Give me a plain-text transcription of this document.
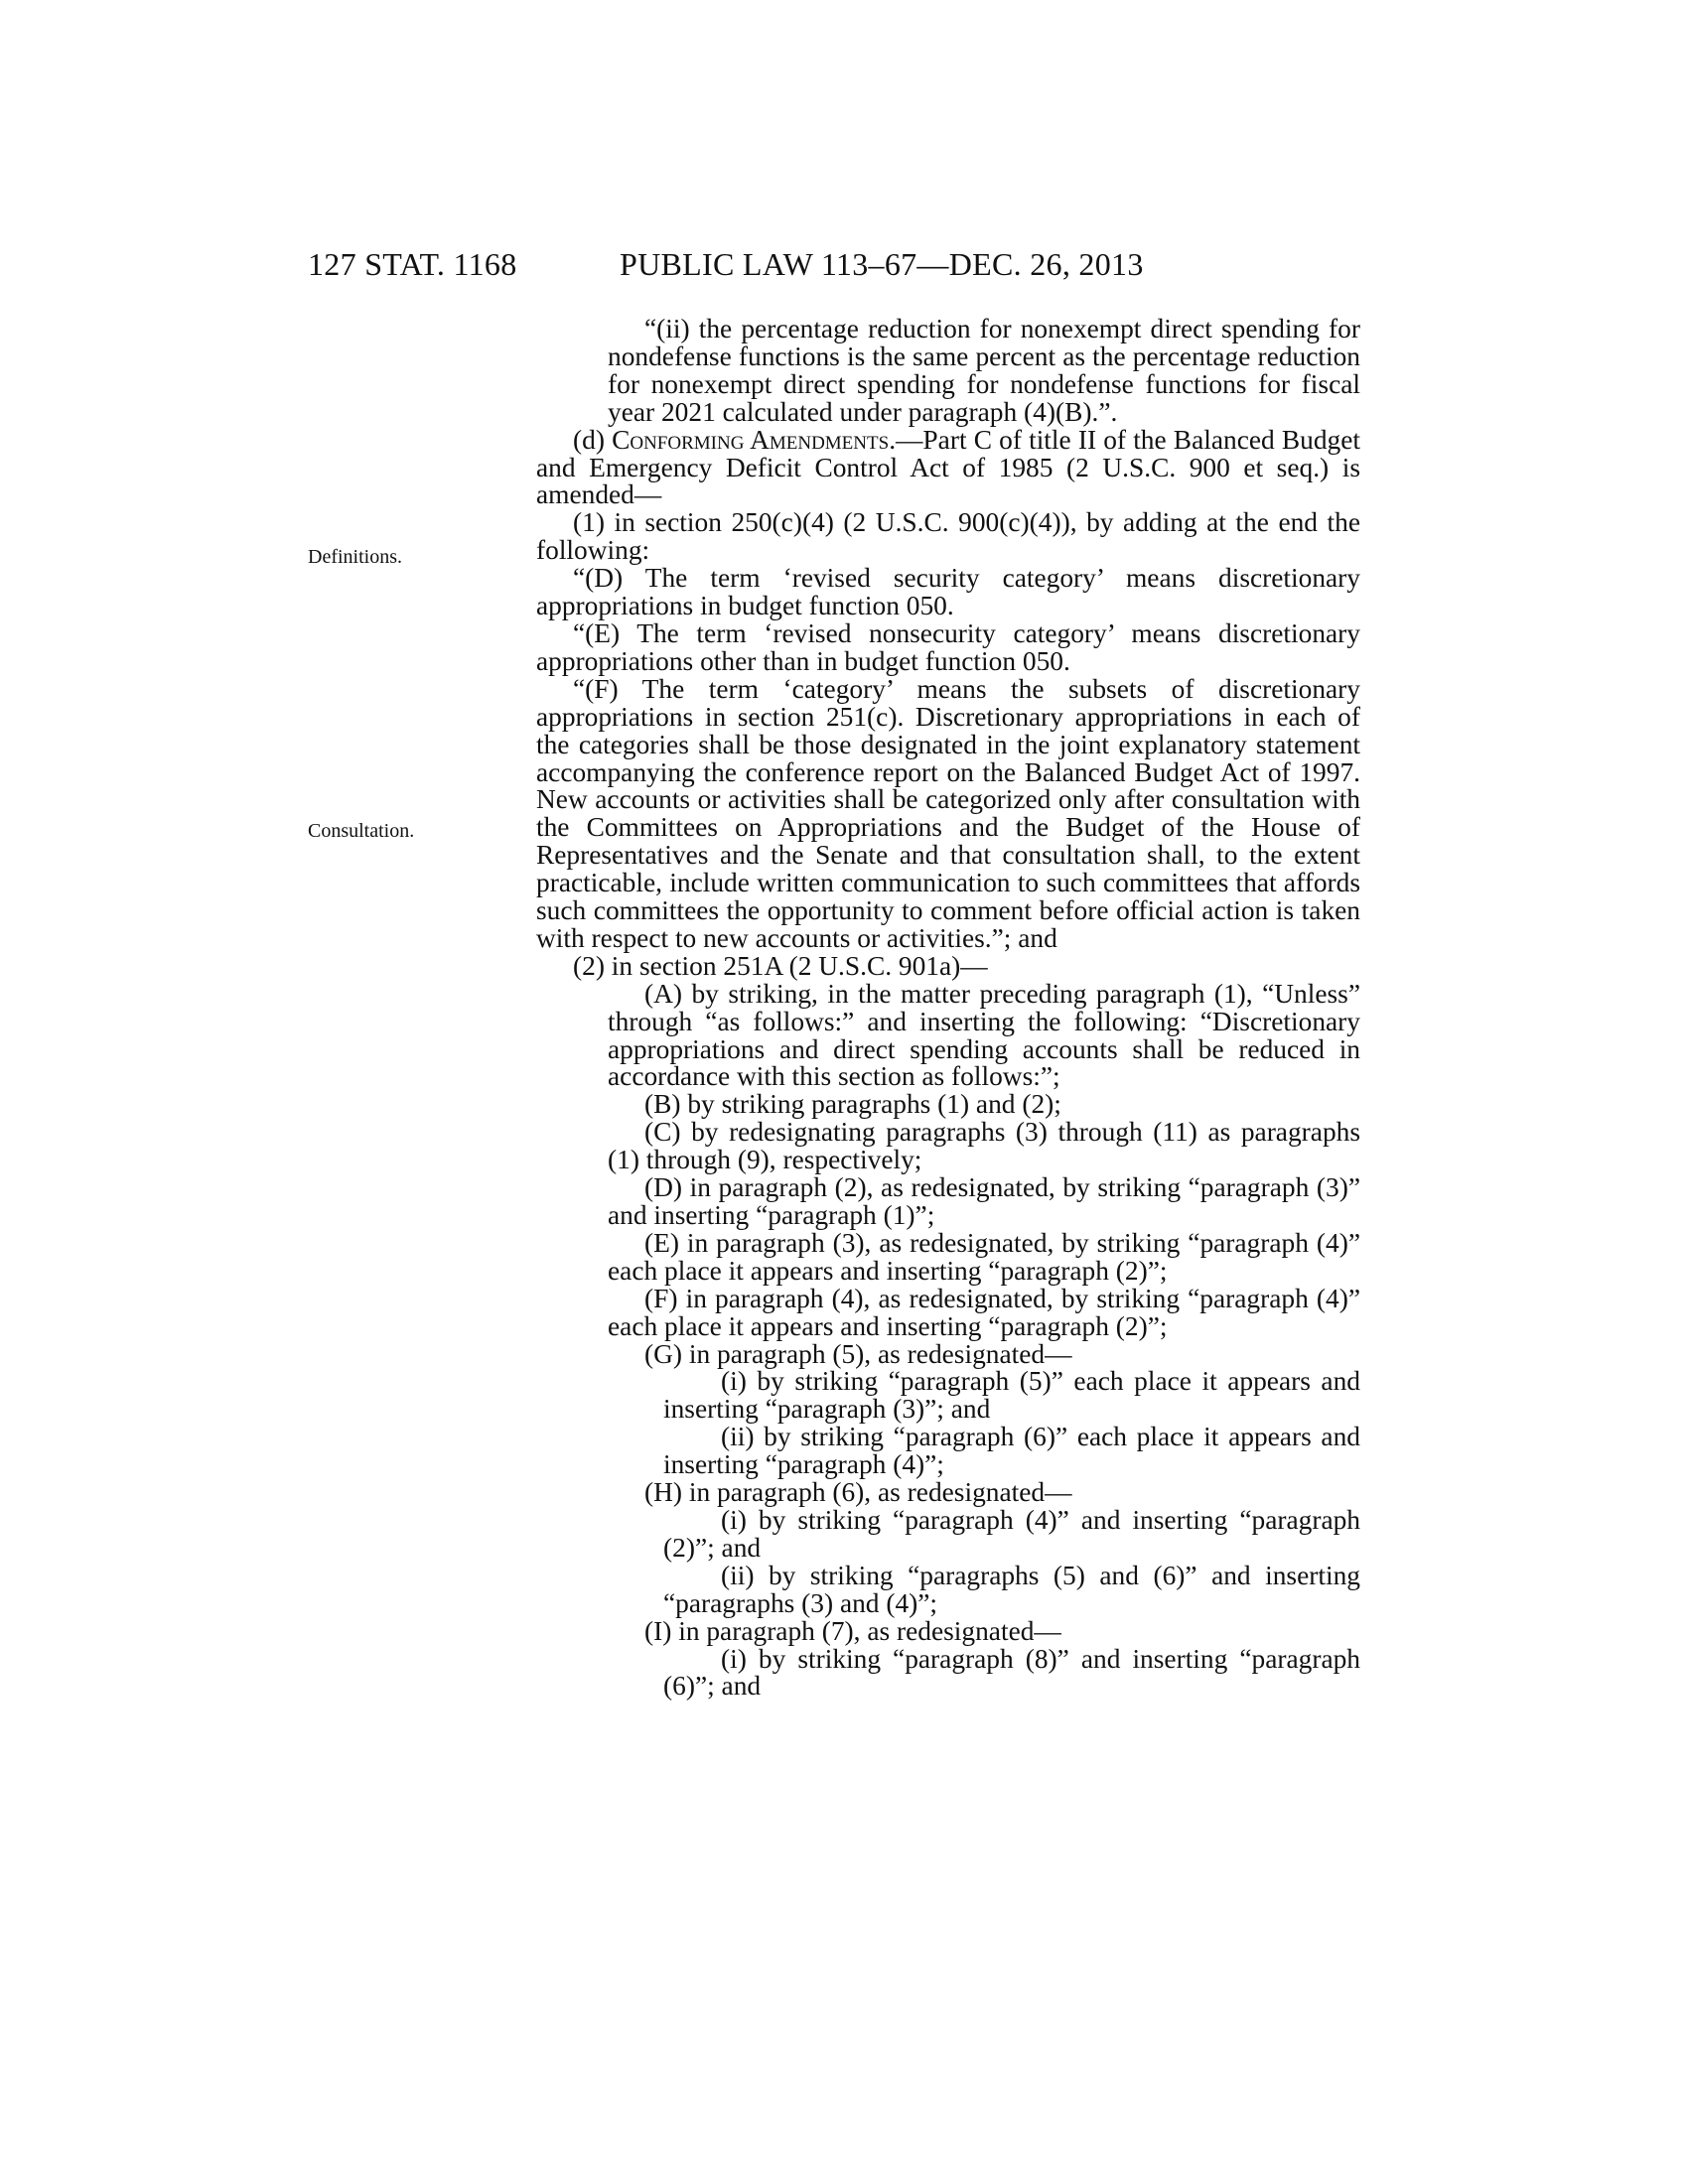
127 STAT. 1168	PUBLIC LAW 113–67—DEC. 26, 2013
Definitions.
Consultation.

“(ii) the percentage reduction for nonexempt direct spending for nondefense functions is the same percent as the percentage reduction for nonexempt direct spending for nondefense functions for fiscal year 2021 calculated under paragraph (4)(B).”.

(d) Conforming Amendments.—Part C of title II of the Balanced Budget and Emergency Deficit Control Act of 1985 (2 U.S.C. 900 et seq.) is amended—

(1) in section 250(c)(4) (2 U.S.C. 900(c)(4)), by adding at the end the following:

“(D) The term ‘revised security category’ means discretionary appropriations in budget function 050.

“(E) The term ‘revised nonsecurity category’ means discretionary appropriations other than in budget function 050.

“(F) The term ‘category’ means the subsets of discretionary appropriations in section 251(c). Discretionary appropriations in each of the categories shall be those designated in the joint explanatory statement accompanying the conference report on the Balanced Budget Act of 1997. New accounts or activities shall be categorized only after consultation with the Committees on Appropriations and the Budget of the House of Representatives and the Senate and that consultation shall, to the extent practicable, include written communication to such committees that affords such committees the opportunity to comment before official action is taken with respect to new accounts or activities.”; and

(2) in section 251A (2 U.S.C. 901a)—

(A) by striking, in the matter preceding paragraph (1), “Unless” through “as follows:” and inserting the following: “Discretionary appropriations and direct spending accounts shall be reduced in accordance with this section as follows:”;

(B) by striking paragraphs (1) and (2);

(C) by redesignating paragraphs (3) through (11) as paragraphs (1) through (9), respectively;

(D) in paragraph (2), as redesignated, by striking “paragraph (3)” and inserting “paragraph (1)”;

(E) in paragraph (3), as redesignated, by striking “paragraph (4)” each place it appears and inserting “paragraph (2)”;

(F) in paragraph (4), as redesignated, by striking “paragraph (4)” each place it appears and inserting “paragraph (2)”;

(G) in paragraph (5), as redesignated—

(i) by striking “paragraph (5)” each place it appears and inserting “paragraph (3)”; and

(ii) by striking “paragraph (6)” each place it appears and inserting “paragraph (4)”;

(H) in paragraph (6), as redesignated—

(i) by striking “paragraph (4)” and inserting “paragraph (2)”; and

(ii) by striking “paragraphs (5) and (6)” and inserting “paragraphs (3) and (4)”;

(I) in paragraph (7), as redesignated—

(i) by striking “paragraph (8)” and inserting “paragraph (6)”; and
